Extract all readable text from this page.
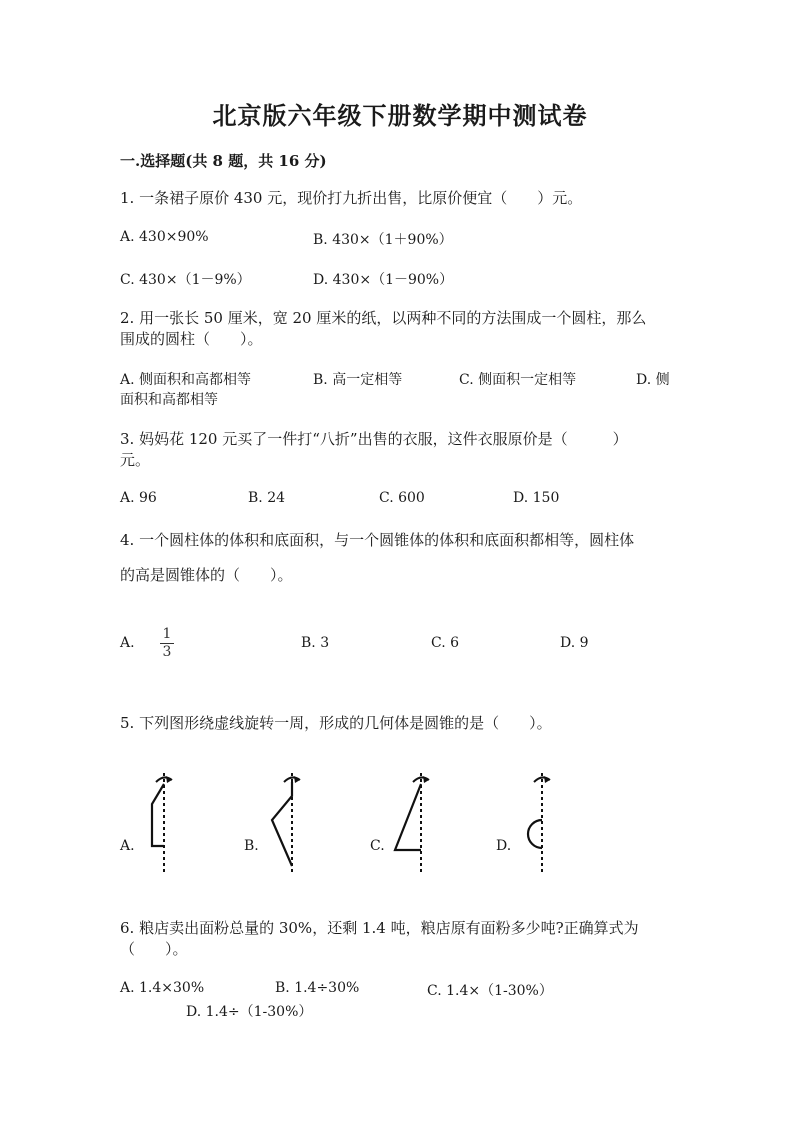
北京版六年级下册数学期中测试卷
一.选择题(共 8 题，共 16 分)
1. 一条裙子原价 430 元，现价打九折出售，比原价便宜（　　）元。
A. 430×90%	B. 430×（1＋90%）
C. 430×（1－9%）	D. 430×（1－90%）
2. 用一张长 50 厘米，宽 20 厘米的纸，以两种不同的方法围成一个圆柱，那么
围成的圆柱（　　）。
A. 侧面积和高都相等	B. 高一定相等	C. 侧面积一定相等	D. 侧
面积和高都相等
3. 妈妈花 120 元买了一件打“八折”出售的衣服，这件衣服原价是（　　　）
元。
A. 96	B. 24	C. 600	D. 150
4. 一个圆柱体的体积和底面积，与一个圆锥体的体积和底面积都相等，圆柱体
的高是圆锥体的（　　）。
A.
1
3
B. 3	C. 6	D. 9
5. 下列图形绕虚线旋转一周，形成的几何体是圆锥的是（　　）。
A.	B.	C.	D.
6. 粮店卖出面粉总量的 30%，还剩 1.4 吨，粮店原有面粉多少吨?正确算式为
（　　）。
A. 1.4×30%	B. 1.4÷30%	C. 1.4×（1-30%）
D. 1.4÷（1-30%）
